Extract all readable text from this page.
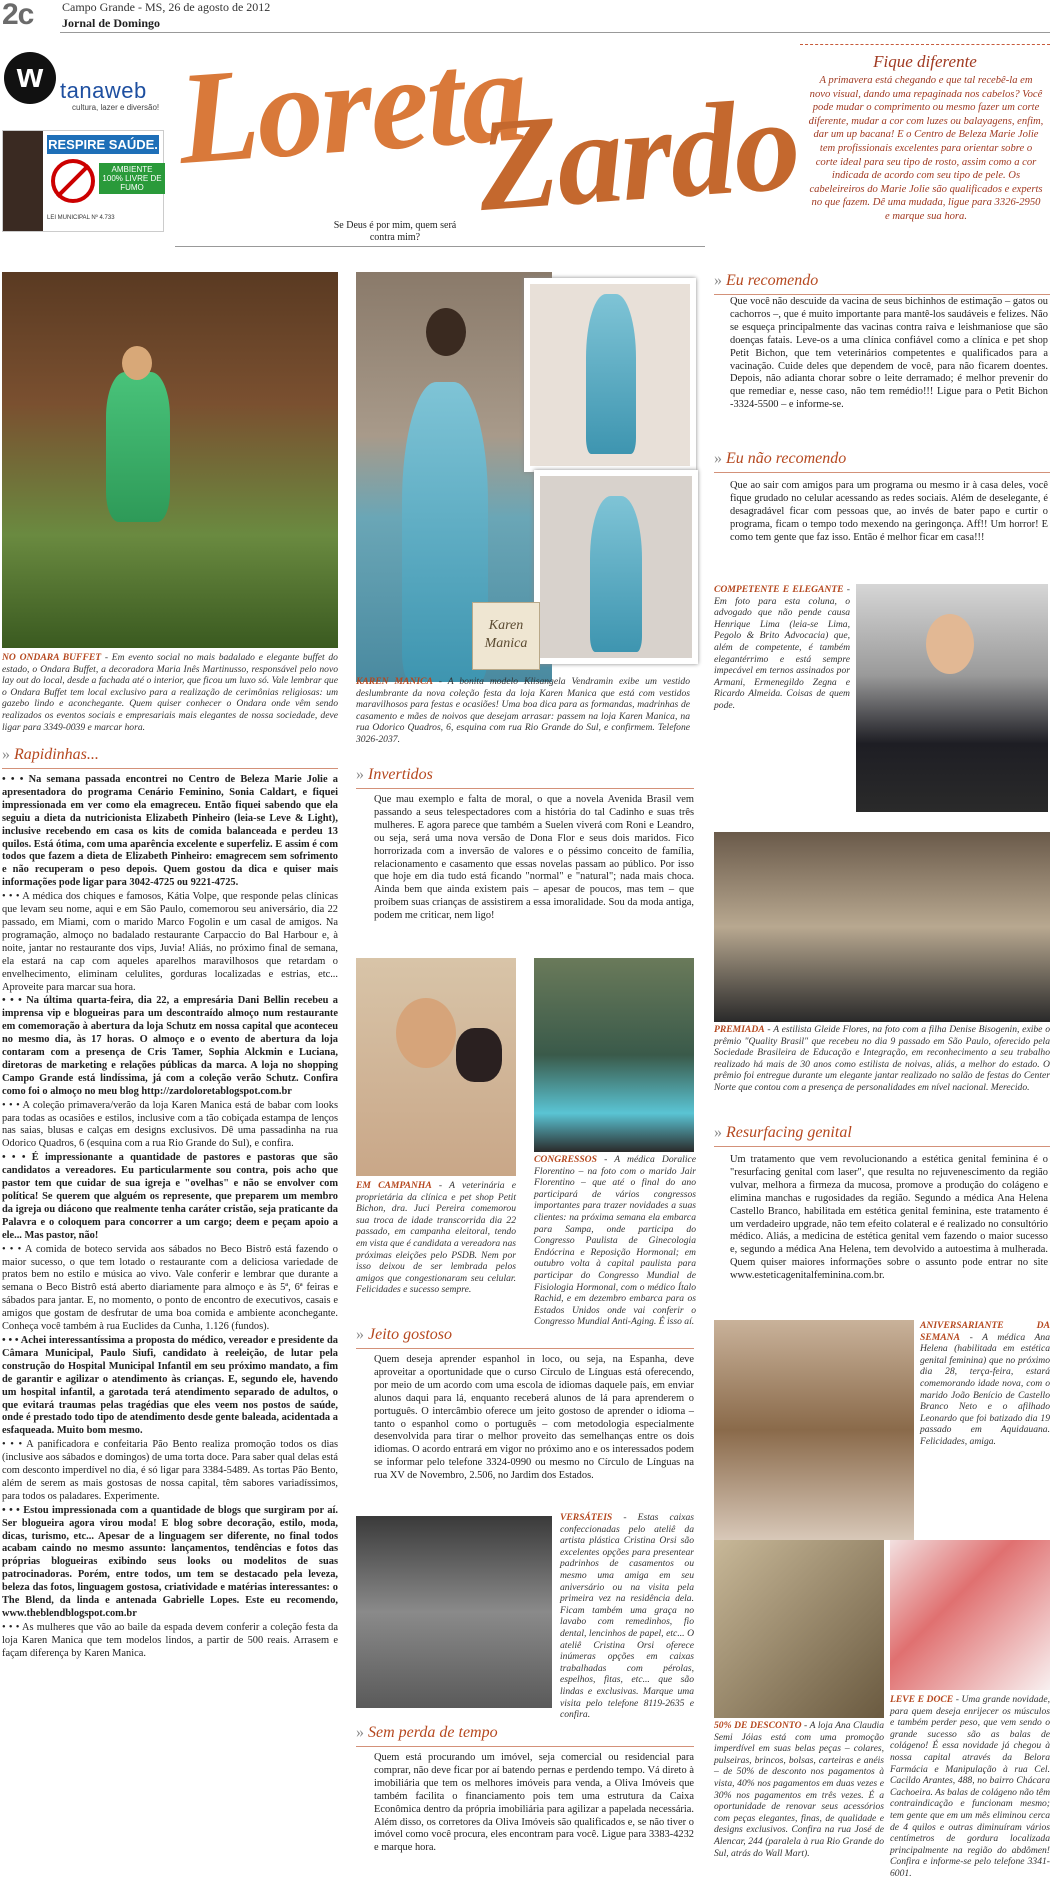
2c Campo Grande - MS, 26 de agosto de 2012
Jornal de Domingo
w tanaweb
cultura, lazer e diversão!
RESPIRE SAÚDE.
AMBIENTE 100% LIVRE DE FUMO
LEI MUNICIPAL Nº 4.733
Loreta
Zardo
Se Deus é por mim, quem será contra mim?
Fique diferente
A primavera está chegando e que tal recebê-la em novo visual, dando uma repaginada nos cabelos? Você pode mudar o comprimento ou mesmo fazer um corte diferente, mudar a cor com luzes ou balayagens, enfim, dar um up bacana! E o Centro de Beleza Marie Jolie tem profissionais excelentes para orientar sobre o corte ideal para seu tipo de rosto, assim como a cor indicada de acordo com seu tipo de pele. Os cabeleireiros do Marie Jolie são qualificados e experts no que fazem. Dê uma mudada, ligue para 3326-2950 e marque sua hora.
Karen Manica
NO ONDARA BUFFET - Em evento social no mais badalado e elegante buffet do estado, o Ondara Buffet, a decoradora Maria Inês Martinusso, responsável pelo novo lay out do local, desde a fachada até o interior, que ficou um luxo só. Vale lembrar que o Ondara Buffet tem local exclusivo para a realização de cerimônias religiosas: um gazebo lindo e aconchegante. Quem quiser conhecer o Ondara onde vêm sendo realizados os eventos sociais e empresariais mais elegantes de nossa sociedade, deve ligar para 3349-0039 e marcar hora.
KAREN MANICA - A bonita modelo Klisangela Vendramin exibe um vestido deslumbrante da nova coleção festa da loja Karen Manica que está com vestidos maravilhosos para festas e ocasiões! Uma boa dica para as formandas, madrinhas de casamento e mães de noivos que desejam arrasar: passem na loja Karen Manica, na rua Odorico Quadros, 6, esquina com rua Rio Grande do Sul, e confirmem. Telefone 3026-2037.
EM CAMPANHA - A veterinária e proprietária da clínica e pet shop Petit Bichon, dra. Juci Pereira comemorou sua troca de idade transcorrida dia 22 passado, em campanha eleitoral, tendo em vista que é candidata a vereadora nas próximas eleições pelo PSDB. Nem por isso deixou de ser lembrada pelos amigos que congestionaram seu celular. Felicidades e sucesso sempre.
CONGRESSOS - A médica Doralice Florentino – na foto com o marido Jair Florentino – que até o final do ano participará de vários congressos importantes para trazer novidades a suas clientes: na próxima semana ela embarca para Sampa, onde participa do Congresso Paulista de Ginecologia Endócrina e Reposição Hormonal; em outubro volta à capital paulista para participar do Congresso Mundial de Fisiologia Hormonal, com o médico Ítalo Rachid, e em dezembro embarca para os Estados Unidos onde vai conferir o Congresso Mundial Anti-Aging. É isso aí.
VERSÁTEIS - Estas caixas confeccionadas pelo ateliê da artista plástica Cristina Orsi são excelentes opções para presentear padrinhos de casamentos ou mesmo uma amiga em seu aniversário ou na visita pela primeira vez na residência dela. Ficam também uma graça no lavabo com remedinhos, fio dental, lencinhos de papel, etc... O ateliê Cristina Orsi oferece inúmeras opções em caixas trabalhadas com pérolas, espelhos, fitas, etc... que são lindas e exclusivas. Marque uma visita pelo telefone 8119-2635 e confira.
COMPETENTE E ELEGANTE - Em foto para esta coluna, o advogado que não pende causa Henrique Lima (leia-se Lima, Pegolo & Brito Advocacia) que, além de competente, é também elegantérrimo e está sempre impecável em ternos assinados por Armani, Ermenegildo Zegna e Ricardo Almeida. Coisas de quem pode.
PREMIADA - A estilista Gleide Flores, na foto com a filha Denise Bisogenin, exibe o prêmio "Quality Brasil" que recebeu no dia 9 passado em São Paulo, oferecido pela Sociedade Brasileira de Educação e Integração, em reconhecimento a seu trabalho realizado há mais de 30 anos como estilista de noivas, aliás, a melhor do estado. O prêmio foi entregue durante um elegante jantar realizado no salão de festas do Center Norte que contou com a presença de personalidades em nível nacional. Merecido.
ANIVERSARIANTE DA SEMANA - A médica Ana Helena (habilitada em estética genital feminina) que no próximo dia 28, terça-feira, estará comemorando idade nova, com o marido João Benício de Castello Branco Neto e o afilhado Leonardo que foi batizado dia 19 passado em Aquidauana. Felicidades, amiga.
50% DE DESCONTO - A loja Ana Claudia Semi Jóias está com uma promoção imperdível em suas belas peças – colares, pulseiras, brincos, bolsas, carteiras e anéis – de 50% de desconto nos pagamentos à vista, 40% nos pagamentos em duas vezes e 30% nos pagamentos em três vezes. É a oportunidade de renovar seus acessórios com peças elegantes, finas, de qualidade e designs exclusivos. Confira na rua José de Alencar, 244 (paralela à rua Rio Grande do Sul, atrás do Wall Mart).
LEVE E DOCE - Uma grande novidade, para quem deseja enrijecer os músculos e também perder peso, que vem sendo o grande sucesso são as balas de colágeno! É essa novidade já chegou à nossa capital através da Belora Farmácia e Manipulação à rua Cel. Cacildo Arantes, 488, no bairro Chácara Cachoeira. As balas de colágeno não têm contraindicação e funcionam mesmo; tem gente que em um mês eliminou cerca de 4 quilos e outras diminuíram vários centímetros de gordura localizada principalmente na região do abdômen! Confira e informe-se pelo telefone 3341-6001.
» Rapidinhas...

• • • Na semana passada encontrei no Centro de Beleza Marie Jolie a apresentadora do programa Cenário Feminino, Sonia Caldart, e fiquei impressionada em ver como ela emagreceu. Então fiquei sabendo que ela seguiu a dieta da nutricionista Elizabeth Pinheiro (leia-se Leve & Light), inclusive recebendo em casa os kits de comida balanceada e perdeu 13 quilos. Está ótima, com uma aparência excelente e superfeliz. E assim é com todos que fazem a dieta de Elizabeth Pinheiro: emagrecem sem sofrimento e não recuperam o peso depois. Quem gostou da dica e quiser mais informações pode ligar para 3042-4725 ou 9221-4725.

• • • A médica dos chiques e famosos, Kátia Volpe, que responde pelas clínicas que levam seu nome, aqui e em São Paulo, comemorou seu aniversário, dia 22 passado, em Miami, com o marido Marco Fogolin e um casal de amigos. Na programação, almoço no badalado restaurante Carpaccio do Bal Harbour e, à noite, jantar no restaurante dos vips, Juvia! Aliás, no próximo final de semana, ela estará na cap com aqueles aparelhos maravilhosos que retardam o envelhecimento, eliminam celulites, gorduras localizadas e estrias, etc... Aproveite para marcar sua hora.

• • • Na última quarta-feira, dia 22, a empresária Dani Bellin recebeu a imprensa vip e blogueiras para um descontraído almoço num restaurante em comemoração à abertura da loja Schutz em nossa capital que aconteceu no mesmo dia, às 17 horas. O almoço e o evento de abertura da loja contaram com a presença de Cris Tamer, Sophia Alckmin e Luciana, diretoras de marketing e relações públicas da marca. A loja no shopping Campo Grande está lindíssima, já com a coleção verão Schutz. Confira como foi o almoço no meu blog http://zardoloretablogspot.com.br

• • • A coleção primavera/verão da loja Karen Manica está de babar com looks para todas as ocasiões e estilos, inclusive com a tão cobiçada estampa de lenços nas saias, blusas e calças em designs exclusivos. Dê uma passadinha na rua Odorico Quadros, 6 (esquina com a rua Rio Grande do Sul), e confira.

• • • É impressionante a quantidade de pastores e pastoras que são candidatos a vereadores. Eu particularmente sou contra, pois acho que pastor tem que cuidar de sua igreja e "ovelhas" e não se envolver com política! Se querem que alguém os represente, que preparem um membro da igreja ou diácono que realmente tenha caráter cristão, seja praticante da Palavra e o coloquem para concorrer a um cargo; deem e peçam apoio a ele... Mas pastor, não!

• • • A comida de boteco servida aos sábados no Beco Bistrô está fazendo o maior sucesso, o que tem lotado o restaurante com a deliciosa variedade de pratos bem no estilo e música ao vivo. Vale conferir e lembrar que durante a semana o Beco Bistrô está aberto diariamente para almoço e às 5ª, 6ª feiras e sábados para jantar. E, no momento, o ponto de encontro de executivos, casais e amigos que gostam de desfrutar de uma boa comida e ambiente aconchegante. Conheça você também à rua Euclides da Cunha, 1.126 (fundos).

• • • Achei interessantíssima a proposta do médico, vereador e presidente da Câmara Municipal, Paulo Siufi, candidato à reeleição, de lutar pela construção do Hospital Municipal Infantil em seu próximo mandato, a fim de garantir e agilizar o atendimento às crianças. E, segundo ele, havendo um hospital infantil, a garotada terá atendimento separado de adultos, o que evitará traumas pelas tragédias que eles veem nos postos de saúde, onde é prestado todo tipo de atendimento desde gente baleada, acidentada a esfaqueada. Muito bom mesmo.

• • • A panificadora e confeitaria Pão Bento realiza promoção todos os dias (inclusive aos sábados e domingos) de uma torta doce. Para saber qual delas está com desconto imperdível no dia, é só ligar para 3384-5489. As tortas Pão Bento, além de serem as mais gostosas de nossa capital, têm sabores variadíssimos, para todos os paladares. Experimente.

• • • Estou impressionada com a quantidade de blogs que surgiram por aí. Ser blogueira agora virou moda! E blog sobre decoração, estilo, moda, dicas, turismo, etc... Apesar de a linguagem ser diferente, no final todos acabam caindo no mesmo assunto: lançamentos, tendências e fotos das próprias blogueiras exibindo seus looks ou modelitos de suas patrocinadoras. Porém, entre todos, um tem se destacado pela leveza, beleza das fotos, linguagem gostosa, criatividade e matérias interessantes: o The Blend, da linda e antenada Gabrielle Lopes. Este eu recomendo, www.theblendblogspot.com.br

• • • As mulheres que vão ao baile da espada devem conferir a coleção festa da loja Karen Manica que tem modelos lindos, a partir de 500 reais. Arrasem e façam diferença by Karen Manica.

» Invertidos
Que mau exemplo e falta de moral, o que a novela Avenida Brasil vem passando a seus telespectadores com a história do tal Cadinho e suas três mulheres. E agora parece que também a Suelen viverá com Roni e Leandro, ou seja, será uma nova versão de Dona Flor e seus dois maridos. Fico horrorizada com a inversão de valores e o péssimo conceito de família, relacionamento e casamento que essas novelas passam ao público. Por isso que hoje em dia tudo está ficando "normal" e "natural"; nada mais choca. Ainda bem que ainda existem pais – apesar de poucos, mas tem – que proíbem suas crianças de assistirem a essa imoralidade. Sou da moda antiga, podem me criticar, nem ligo!
» Jeito gostoso
Quem deseja aprender espanhol in loco, ou seja, na Espanha, deve aproveitar a oportunidade que o curso Círculo de Línguas está oferecendo, por meio de um acordo com uma escola de idiomas daquele país, em enviar alunos daqui para lá, enquanto receberá alunos de lá para aprenderem o português. O intercâmbio oferece um jeito gostoso de aprender o idioma – tanto o espanhol como o português – com metodologia especialmente desenvolvida para tirar o melhor proveito das semelhanças entre os dois idiomas. O acordo entrará em vigor no próximo ano e os interessados podem se informar pelo telefone 3324-0990 ou mesmo no Círculo de Línguas na rua XV de Novembro, 2.506, no Jardim dos Estados.
» Sem perda de tempo
Quem está procurando um imóvel, seja comercial ou residencial para comprar, não deve ficar por aí batendo pernas e perdendo tempo. Vá direto à imobiliária que tem os melhores imóveis para venda, a Oliva Imóveis que também facilita o financiamento pois tem uma estrutura da Caixa Econômica dentro da própria imobiliária para agilizar a papelada necessária. Além disso, os corretores da Oliva Imóveis são qualificados e, se não tiver o imóvel como você procura, eles encontram para você. Ligue para 3383-4232 e marque hora.
» Eu recomendo
Que você não descuide da vacina de seus bichinhos de estimação – gatos ou cachorros –, que é muito importante para mantê-los saudáveis e felizes. Não se esqueça principalmente das vacinas contra raiva e leishmaniose que são doenças fatais. Leve-os a uma clínica confiável como a clínica e pet shop Petit Bichon, que tem veterinários competentes e qualificados para a vacinação. Cuide deles que dependem de você, para não ficarem doentes. Depois, não adianta chorar sobre o leite derramado; é melhor prevenir do que remediar e, nesse caso, não tem remédio!!! Ligue para o Petit Bichon -3324-5500 – e informe-se.
» Eu não recomendo
Que ao sair com amigos para um programa ou mesmo ir à casa deles, você fique grudado no celular acessando as redes sociais. Além de deselegante, é desagradável ficar com pessoas que, ao invés de bater papo e curtir o programa, ficam o tempo todo mexendo na geringonça. Aff!! Um horror! E como tem gente que faz isso. Então é melhor ficar em casa!!!
» Resurfacing genital
Um tratamento que vem revolucionando a estética genital feminina é o "resurfacing genital com laser", que resulta no rejuvenescimento da região vulvar, melhora a firmeza da mucosa, promove a produção do colágeno e elimina manchas e rugosidades da região. Segundo a médica Ana Helena Castello Branco, habilitada em estética genital feminina, este tratamento é um verdadeiro upgrade, não tem efeito colateral e é realizado no consultório médico. Aliás, a medicina de estética genital vem fazendo o maior sucesso e, segundo a médica Ana Helena, tem devolvido a autoestima à mulherada. Quem quiser maiores informações sobre o assunto pode entrar no site www.esteticagenitalfeminina.com.br.
